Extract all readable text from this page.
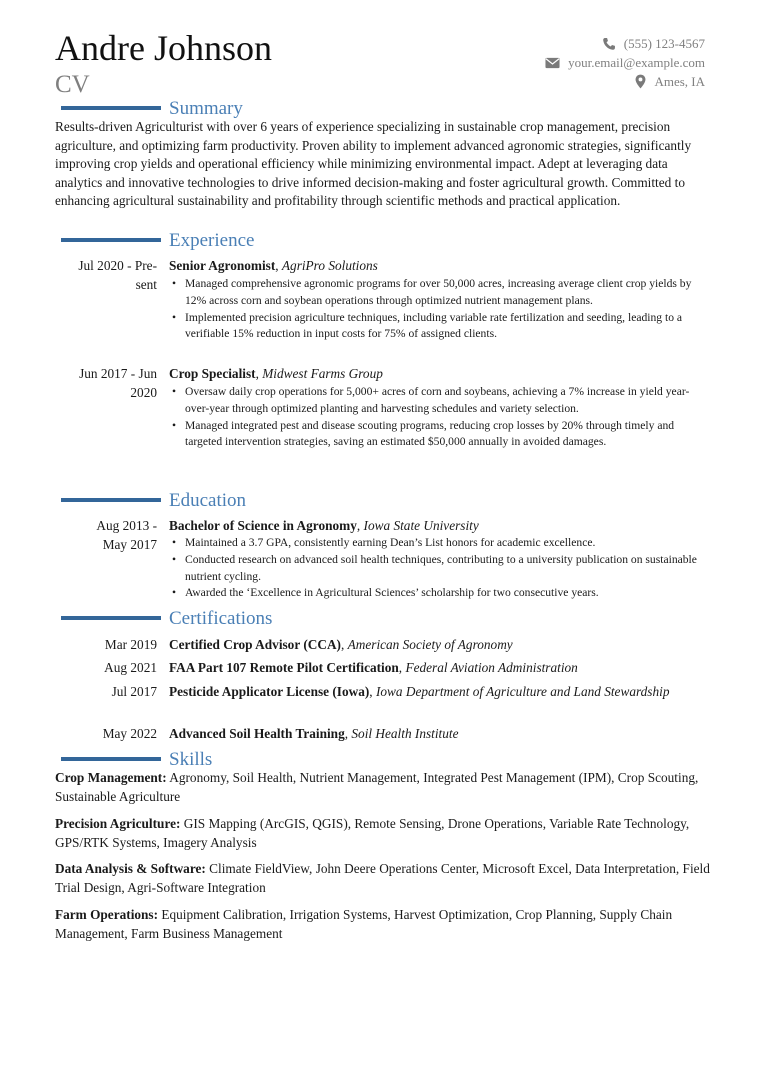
Andre Johnson
CV
(555) 123-4567
your.email@example.com
Ames, IA
Summary
Results-driven Agriculturist with over 6 years of experience specializing in sustainable crop management, precision agriculture, and optimizing farm productivity. Proven ability to implement advanced agronomic strategies, significantly improving crop yields and operational efficiency while minimizing environmental impact. Adept at leveraging data analytics and innovative technologies to drive informed decision-making and foster agricultural growth. Committed to enhancing agricultural sustainability and profitability through scientific methods and practical application.
Experience
Jul 2020 - Pre-
sent
Senior Agronomist, AgriPro Solutions
• Managed comprehensive agronomic programs for over 50,000 acres, increasing average client crop yields by 12% across corn and soybean operations through optimized nutrient management plans.
• Implemented precision agriculture techniques, including variable rate fertilization and seeding, leading to a verifiable 15% reduction in input costs for 75% of assigned clients.
Jun 2017 - Jun
2020
Crop Specialist, Midwest Farms Group
• Oversaw daily crop operations for 5,000+ acres of corn and soybeans, achieving a 7% increase in yield year-over-year through optimized planting and harvesting schedules and variety selection.
• Managed integrated pest and disease scouting programs, reducing crop losses by 20% through timely and targeted intervention strategies, saving an estimated $50,000 annually in avoided damages.
Education
Aug 2013 -
May 2017
Bachelor of Science in Agronomy, Iowa State University
• Maintained a 3.7 GPA, consistently earning Dean’s List honors for academic excellence.
• Conducted research on advanced soil health techniques, contributing to a university publication on sustainable nutrient cycling.
• Awarded the ‘Excellence in Agricultural Sciences’ scholarship for two consecutive years.
Certifications
Mar 2019 Certified Crop Advisor (CCA), American Society of Agronomy
Aug 2021 FAA Part 107 Remote Pilot Certification, Federal Aviation Administration
Jul 2017 Pesticide Applicator License (Iowa), Iowa Department of Agriculture and Land Stewardship
May 2022 Advanced Soil Health Training, Soil Health Institute
Skills
Crop Management: Agronomy, Soil Health, Nutrient Management, Integrated Pest Management (IPM), Crop Scouting, Sustainable Agriculture
Precision Agriculture: GIS Mapping (ArcGIS, QGIS), Remote Sensing, Drone Operations, Variable Rate Technology, GPS/RTK Systems, Imagery Analysis
Data Analysis & Software: Climate FieldView, John Deere Operations Center, Microsoft Excel, Data Interpretation, Field Trial Design, Agri-Software Integration
Farm Operations: Equipment Calibration, Irrigation Systems, Harvest Optimization, Crop Planning, Supply Chain Management, Farm Business Management
